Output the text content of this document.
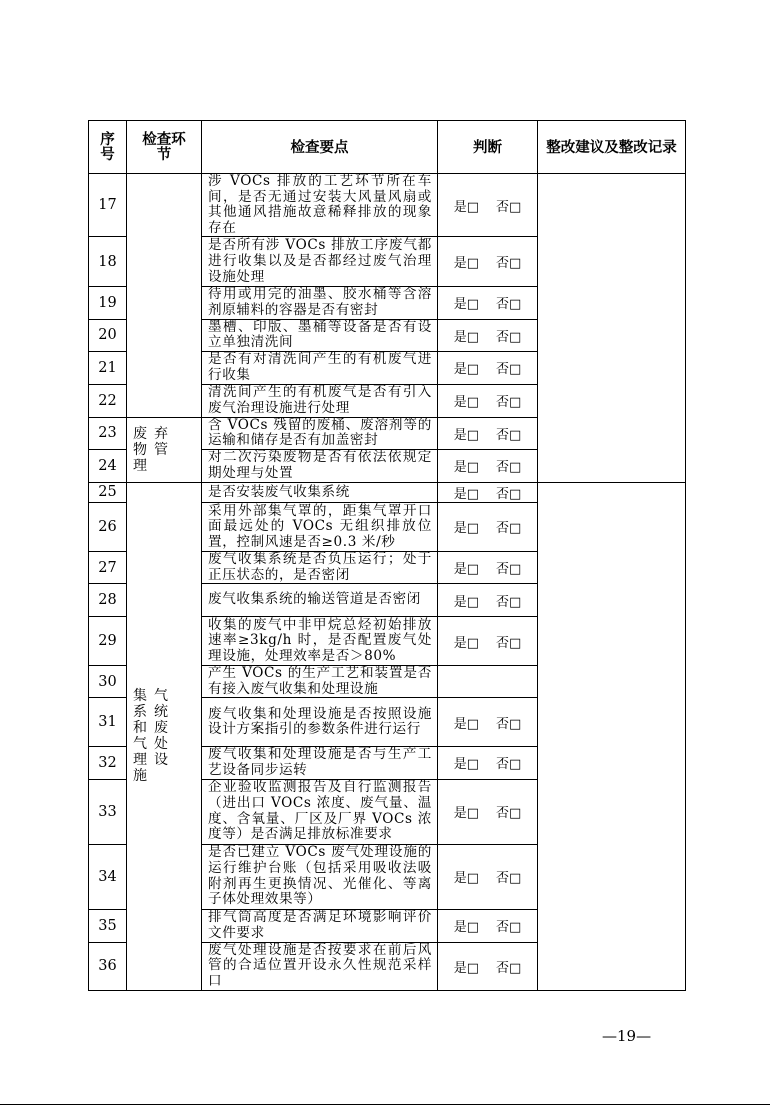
序号	检查环节	检查要点	判断	整改建议及整改记录
17		涉 VOCs 排放的工艺环节所在车间，是否无通过安装大风量风扇或其他通风措施故意稀释排放的现象存在	是□ 否□	
18		是否所有涉 VOCs 排放工序废气都进行收集以及是否都经过废气治理设施处理	是□ 否□	
19		待用或用完的油墨、胶水桶等含溶剂原辅料的容器是否有密封	是□ 否□	
20		墨槽、印版、墨桶等设备是否有设立单独清洗间	是□ 否□	
21		是否有对清洗间产生的有机废气进行收集	是□ 否□	
22		清洗间产生的有机废气是否有引入废气治理设施进行处理	是□ 否□	
23	废弃物管理	含 VOCs 残留的废桶、废溶剂等的运输和储存是否有加盖密封	是□ 否□	
24		对二次污染废物是否有依法依规定期处理与处置	是□ 否□	
25	集气系统和废气处理设施	是否安装废气收集系统	是□ 否□	
26		采用外部集气罩的，距集气罩开口面最远处的 VOCs 无组织排放位置，控制风速是否≥0.3 米/秒	是□ 否□	
27		废气收集系统是否负压运行；处于正压状态的，是否密闭	是□ 否□	
28		废气收集系统的输送管道是否密闭	是□ 否□	
29		收集的废气中非甲烷总烃初始排放速率≥3kg/h 时，是否配置废气处理设施，处理效率是否＞80%	是□ 否□	
30		产生 VOCs 的生产工艺和装置是否有接入废气收集和处理设施		
31		废气收集和处理设施是否按照设施设计方案指引的参数条件进行运行	是□ 否□	
32		废气收集和处理设施是否与生产工艺设备同步运转	是□ 否□	
33		企业验收监测报告及自行监测报告（进出口 VOCs 浓度、废气量、温度、含氧量、厂区及厂界 VOCs 浓度等）是否满足排放标准要求	是□ 否□	
34		是否已建立 VOCs 废气处理设施的运行维护台账（包括采用吸收法吸附剂再生更换情况、光催化、等离子体处理效果等）	是□ 否□	
35		排气筒高度是否满足环境影响评价文件要求	是□ 否□	
36		废气处理设施是否按要求在前后风管的合适位置开设永久性规范采样口	是□ 否□	
—19—
